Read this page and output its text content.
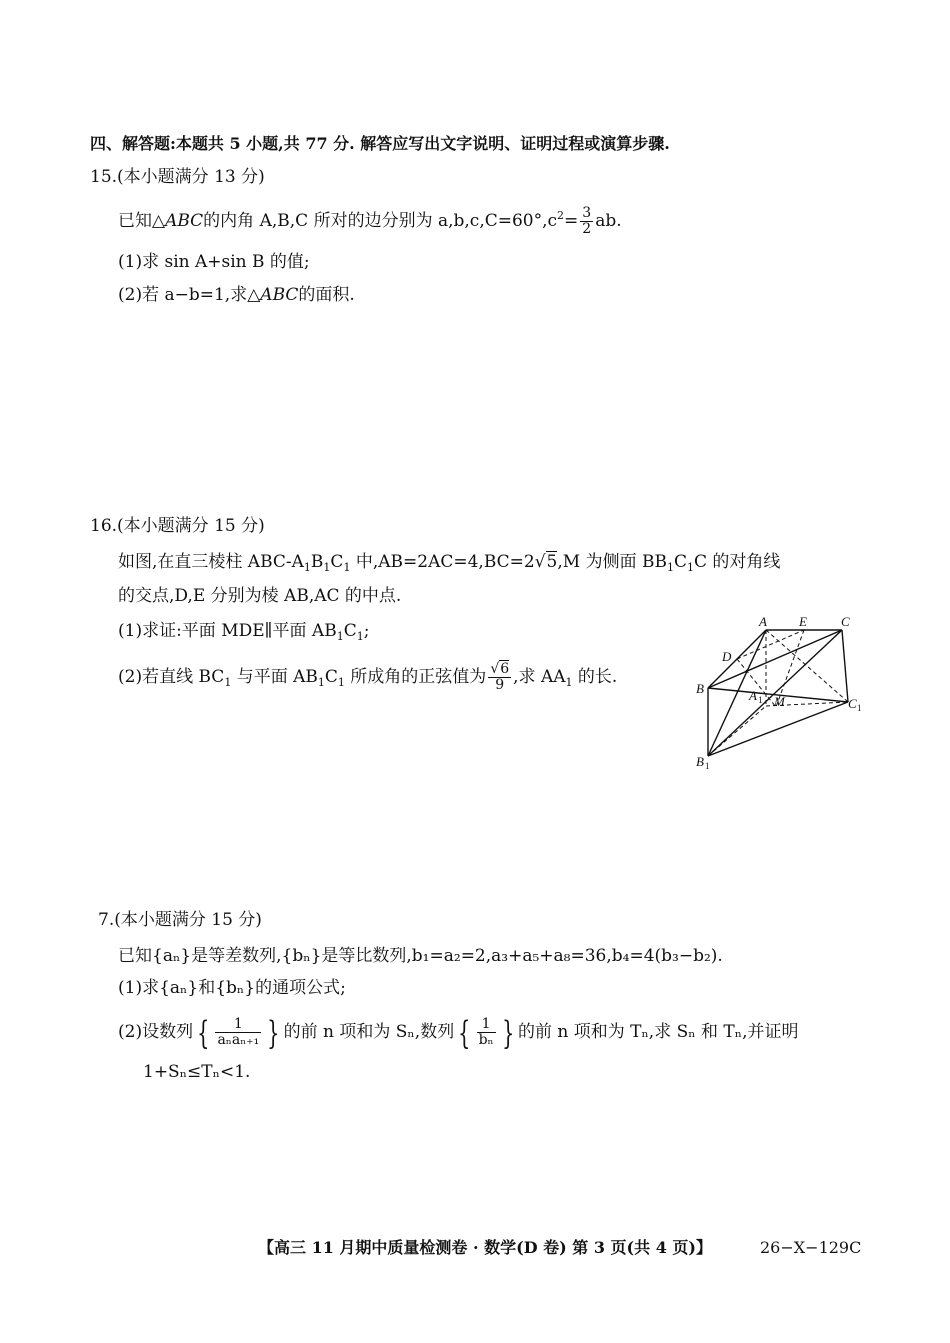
四、解答题:本题共 5 小题,共 77 分. 解答应写出文字说明、证明过程或演算步骤.
15.(本小题满分 13 分)
已知△ABC的内角 A,B,C 所对的边分别为 $a,b,c,C=60^\circ,c^2= \frac{3}{2}$ ab.
(1)求 sin A+sin B 的值;
(2)若 a−b=1,求△ABC的面积.
16.(本小题满分 15 分)
如图,在直三棱柱 ABC-$A_1B_1C_1$ 中,AB=2AC=4,BC=2√5,M 为侧面 $BB_1C_1C$ 的对角线
的交点,D,E 分别为棱 AB,AC 的中点.
(1)求证:平面 MDE∥平面 $AB_1C_1$;
(2)若直线 $BC_1$ 与平面 $AB_1C_1$ 所成角的正弦值为 $\frac{√6}{9}$ ,求 $AA_1$ 的长.
A E	C
D
B	A 1 M	C 1
B 1
7.(本小题满分 15 分)
已知{aₙ}是等差数列,{bₙ}是等比数列,b₁=a₂=2,a₃+a₅+a₈=36,b₄=4(b₃−b₂).
(1)求{aₙ}和{bₙ}的通项公式;
(2)设数列 { $\frac{1}{\text{aₙaₙ₊₁}}$ } 的前 n 项和为 Sₙ,数列 { $\frac{1}{\text{bₙ}}$ } 的前 n 项和为 Tₙ,求 Sₙ 和 Tₙ,并证明
1+Sₙ≤Tₙ<1.
【高三 11 月期中质量检测卷 · 数学(D 卷) 第 3 页(共 4 页)】	26−X−129C
